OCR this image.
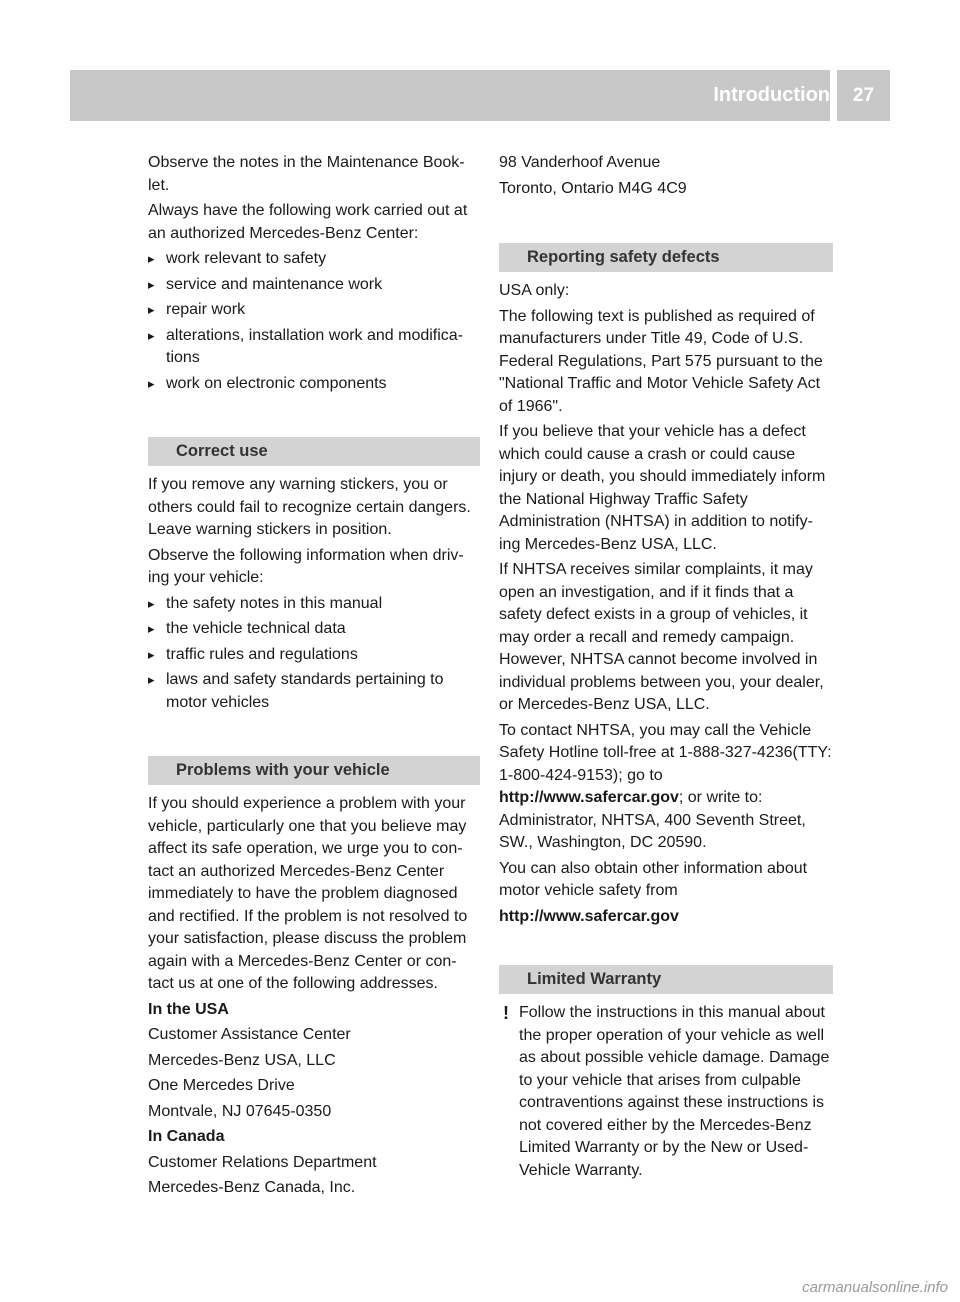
Introduction	27

Observe the notes in the Maintenance Book-let.

Always have the following work carried out at an authorized Mercedes-Benz Center:

▸ work relevant to safety
▸ service and maintenance work
▸ repair work
▸ alterations, installation work and modifica-tions
▸ work on electronic components
Correct use

If you remove any warning stickers, you or others could fail to recognize certain dangers. Leave warning stickers in position.

Observe the following information when driv-ing your vehicle:

▸ the safety notes in this manual
▸ the vehicle technical data
▸ traffic rules and regulations
▸ laws and safety standards pertaining to motor vehicles
Problems with your vehicle

If you should experience a problem with your vehicle, particularly one that you believe may affect its safe operation, we urge you to con-tact an authorized Mercedes-Benz Center immediately to have the problem diagnosed and rectified. If the problem is not resolved to your satisfaction, please discuss the problem again with a Mercedes-Benz Center or con-tact us at one of the following addresses.

In the USA

Customer Assistance Center

Mercedes-Benz USA, LLC

One Mercedes Drive

Montvale, NJ 07645-0350

In Canada

Customer Relations Department

Mercedes-Benz Canada, Inc.

98 Vanderhoof Avenue

Toronto, Ontario M4G 4C9

Reporting safety defects

USA only:

The following text is published as required of manufacturers under Title 49, Code of U.S. Federal Regulations, Part 575 pursuant to the "National Traffic and Motor Vehicle Safety Act of 1966".

If you believe that your vehicle has a defect which could cause a crash or could cause injury or death, you should immediately inform the National Highway Traffic Safety Administration (NHTSA) in addition to notify-ing Mercedes-Benz USA, LLC.

If NHTSA receives similar complaints, it may open an investigation, and if it finds that a safety defect exists in a group of vehicles, it may order a recall and remedy campaign. However, NHTSA cannot become involved in individual problems between you, your dealer, or Mercedes-Benz USA, LLC.

To contact NHTSA, you may call the Vehicle Safety Hotline toll-free at 1-888-327-4236(TTY: 1-800-424-9153); go to http://www.safercar.gov; or write to: Administrator, NHTSA, 400 Seventh Street, SW., Washington, DC 20590.

You can also obtain other information about motor vehicle safety from

http://www.safercar.gov

Limited Warranty
! Follow the instructions in this manual about the proper operation of your vehicle as well as about possible vehicle damage. Damage to your vehicle that arises from culpable contraventions against these instructions is not covered either by the Mercedes-Benz Limited Warranty or by the New or Used-Vehicle Warranty.
carmanualsonline.info
